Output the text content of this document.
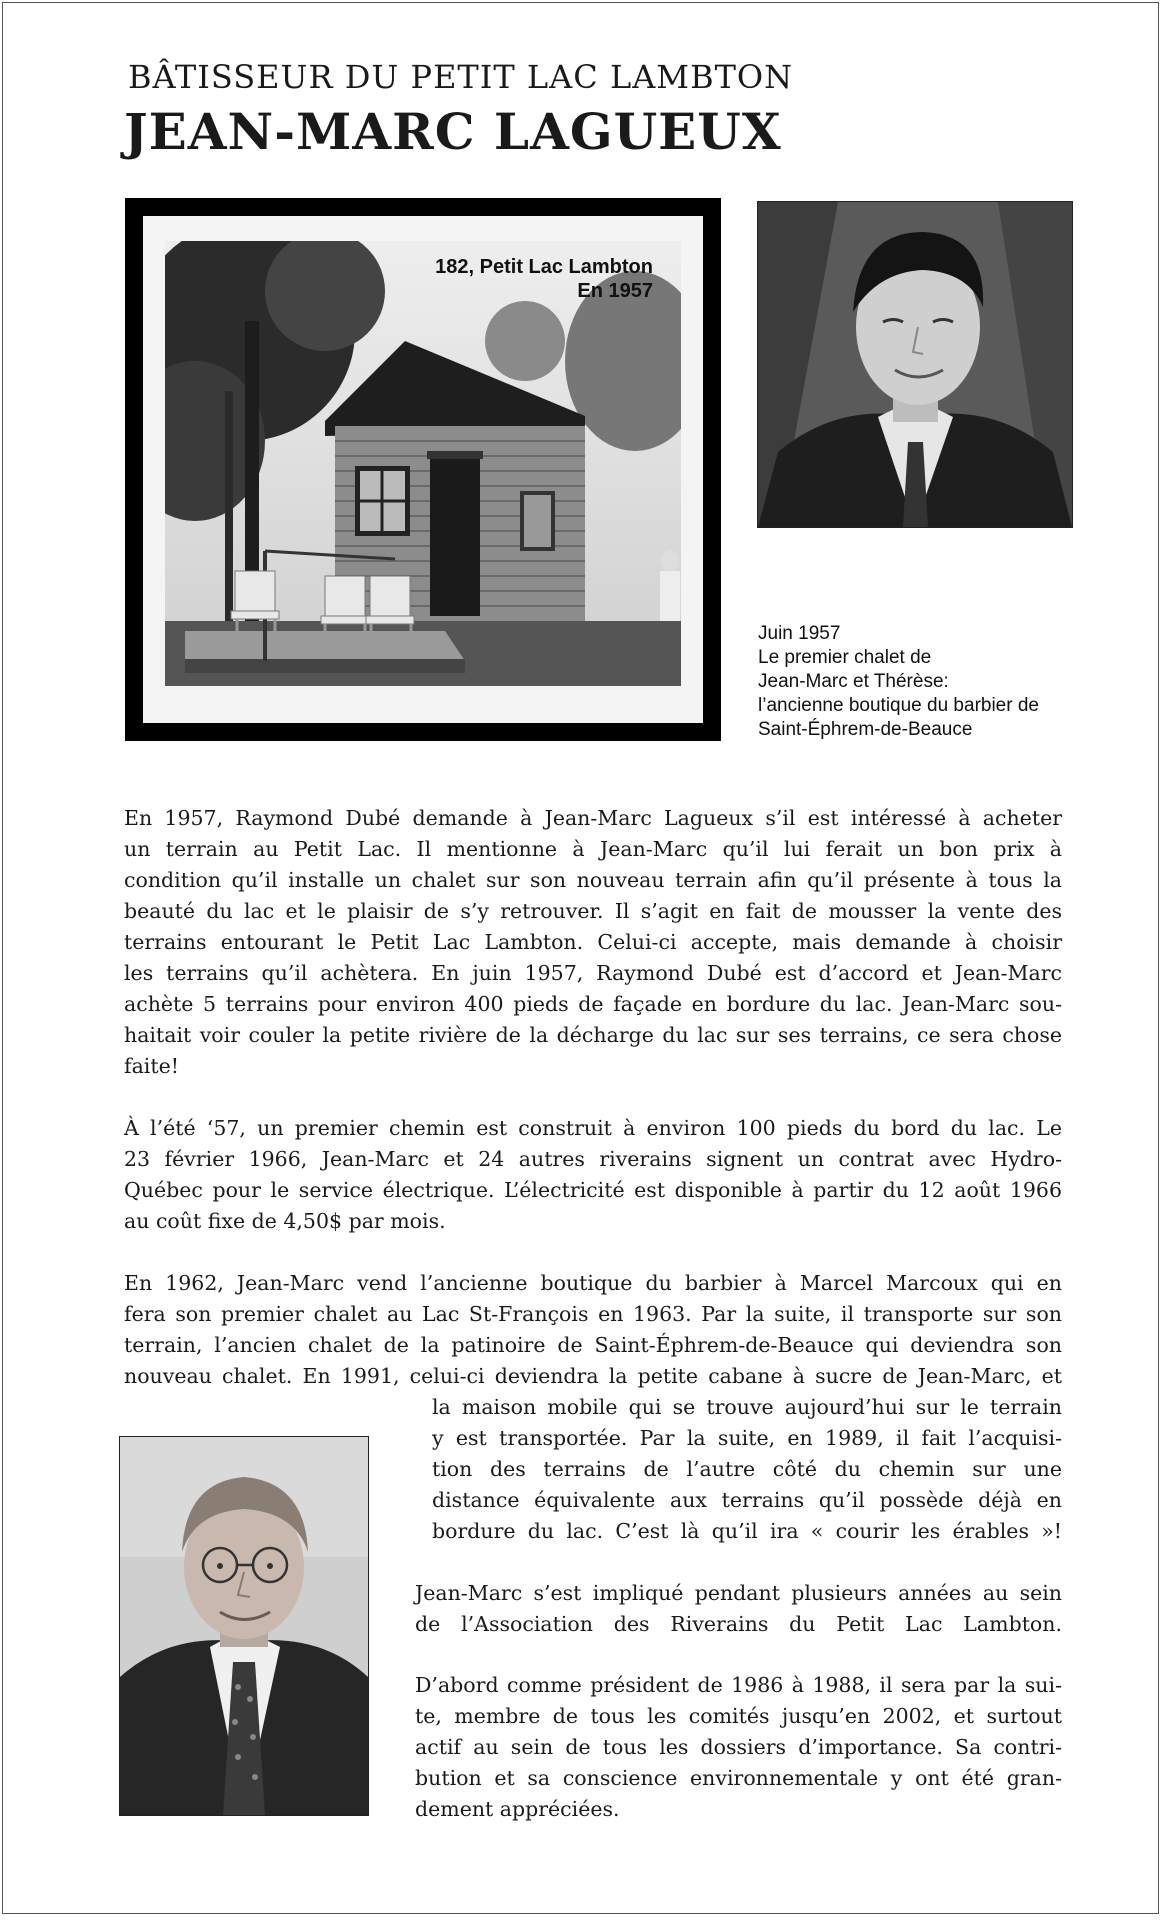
BÂTISSEUR DU PETIT LAC LAMBTON
JEAN-MARC LAGUEUX
182, Petit Lac Lambton
En 1957
Juin 1957
Le premier chalet de
Jean-Marc et Thérèse:
l’ancienne boutique du barbier de
Saint-Éphrem-de-Beauce
En 1957, Raymond Dubé demande à Jean-Marc Lagueux s’il est intéressé à acheter
un terrain au Petit Lac. Il mentionne à Jean-Marc qu’il lui ferait un bon prix à
condition qu’il installe un chalet sur son nouveau terrain afin qu’il présente à tous la
beauté du lac et le plaisir de s’y retrouver. Il s’agit en fait de mousser la vente des
terrains entourant le Petit Lac Lambton. Celui-ci accepte, mais demande à choisir
les terrains qu’il achètera. En juin 1957, Raymond Dubé est d’accord et Jean-Marc
achète 5 terrains pour environ 400 pieds de façade en bordure du lac. Jean-Marc sou-
haitait voir couler la petite rivière de la décharge du lac sur ses terrains, ce sera chose
faite!
À l’été ‘57, un premier chemin est construit à environ 100 pieds du bord du lac. Le
23 février 1966, Jean-Marc et 24 autres riverains signent un contrat avec Hydro-
Québec pour le service électrique. L’électricité est disponible à partir du 12 août 1966
au coût fixe de 4,50$ par mois.
En 1962, Jean-Marc vend l’ancienne boutique du barbier à Marcel Marcoux qui en
fera son premier chalet au Lac St-François en 1963. Par la suite, il transporte sur son
terrain, l’ancien chalet de la patinoire de Saint-Éphrem-de-Beauce qui deviendra son
nouveau chalet. En 1991, celui-ci deviendra la petite cabane à sucre de Jean-Marc, et
la maison mobile qui se trouve aujourd’hui sur le terrain
y est transportée. Par la suite, en 1989, il fait l’acquisi-
tion des terrains de l’autre côté du chemin sur une
distance équivalente aux terrains qu’il possède déjà en
bordure du lac. C’est là qu’il ira « courir les érables »!
Jean-Marc s’est impliqué pendant plusieurs années au sein
de l’Association des Riverains du Petit Lac Lambton.
D’abord comme président de 1986 à 1988, il sera par la sui-
te, membre de tous les comités jusqu’en 2002, et surtout
actif au sein de tous les dossiers d’importance. Sa contri-
bution et sa conscience environnementale y ont été gran-
dement appréciées.
